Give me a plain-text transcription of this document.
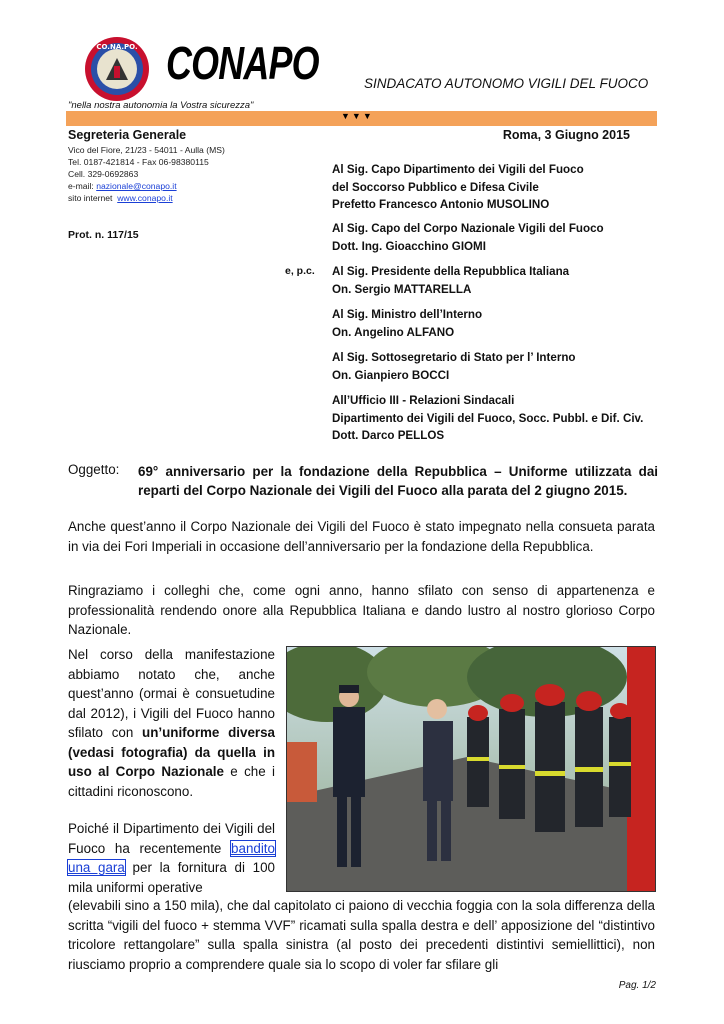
CO.NA.PO. CONAPO	SINDACATO AUTONOMO VIGILI DEL FUOCO
"nella nostra autonomia la Vostra sicurezza"
▼▼▼
Segreteria Generale
Vico del Fiore, 21/23 - 54011 - Aulla (MS)
Tel. 0187-421814 - Fax 06-98380115
Cell. 329-0692863
e-mail: nazionale@conapo.it
sito internet www.conapo.it
Prot. n. 117/15
Roma, 3 Giugno 2015
Al Sig. Capo Dipartimento dei Vigili del Fuoco
del Soccorso Pubblico e Difesa Civile
Prefetto Francesco Antonio MUSOLINO
Al Sig. Capo del Corpo Nazionale Vigili del Fuoco
Dott. Ing. Gioacchino GIOMI
e, p.c. Al Sig. Presidente della Repubblica Italiana
On. Sergio MATTARELLA
Al Sig. Ministro dell’Interno
On. Angelino ALFANO
Al Sig. Sottosegretario di Stato per l’ Interno
On. Gianpiero BOCCI
All’Ufficio III - Relazioni Sindacali
Dipartimento dei Vigili del Fuoco, Socc. Pubbl. e Dif. Civ.
Dott. Darco PELLOS
Oggetto: 69° anniversario per la fondazione della Repubblica – Uniforme utilizzata dai reparti del Corpo Nazionale dei Vigili del Fuoco alla parata del 2 giugno 2015.
Anche quest’anno il Corpo Nazionale dei Vigili del Fuoco è stato impegnato nella consueta parata in via dei Fori Imperiali in occasione dell’anniversario per la fondazione della Repubblica.
Ringraziamo i colleghi che, come ogni anno, hanno sfilato con senso di appartenenza e professionalità rendendo onore alla Repubblica Italiana e dando lustro al nostro glorioso Corpo Nazionale.
Nel corso della manifestazione abbiamo notato che, anche quest’anno (ormai è consuetudine dal 2012), i Vigili del Fuoco hanno sfilato con un’uniforme diversa (vedasi fotografia) da quella in uso al Corpo Nazionale e che i cittadini riconoscono.
Poiché il Dipartimento dei Vigili del Fuoco ha recentemente bandito una gara per la fornitura di 100 mila uniformi operative
(elevabili sino a 150 mila), che dal capitolato ci paiono di vecchia foggia con la sola differenza della scritta “vigili del fuoco + stemma VVF” ricamati sulla spalla destra e dell’ apposizione del “distintivo tricolore rettangolare” sulla spalla sinistra (al posto dei precedenti distintivi semiellittici), non riusciamo proprio a comprendere quale sia lo scopo di voler far sfilare gli
Pag. 1/2
